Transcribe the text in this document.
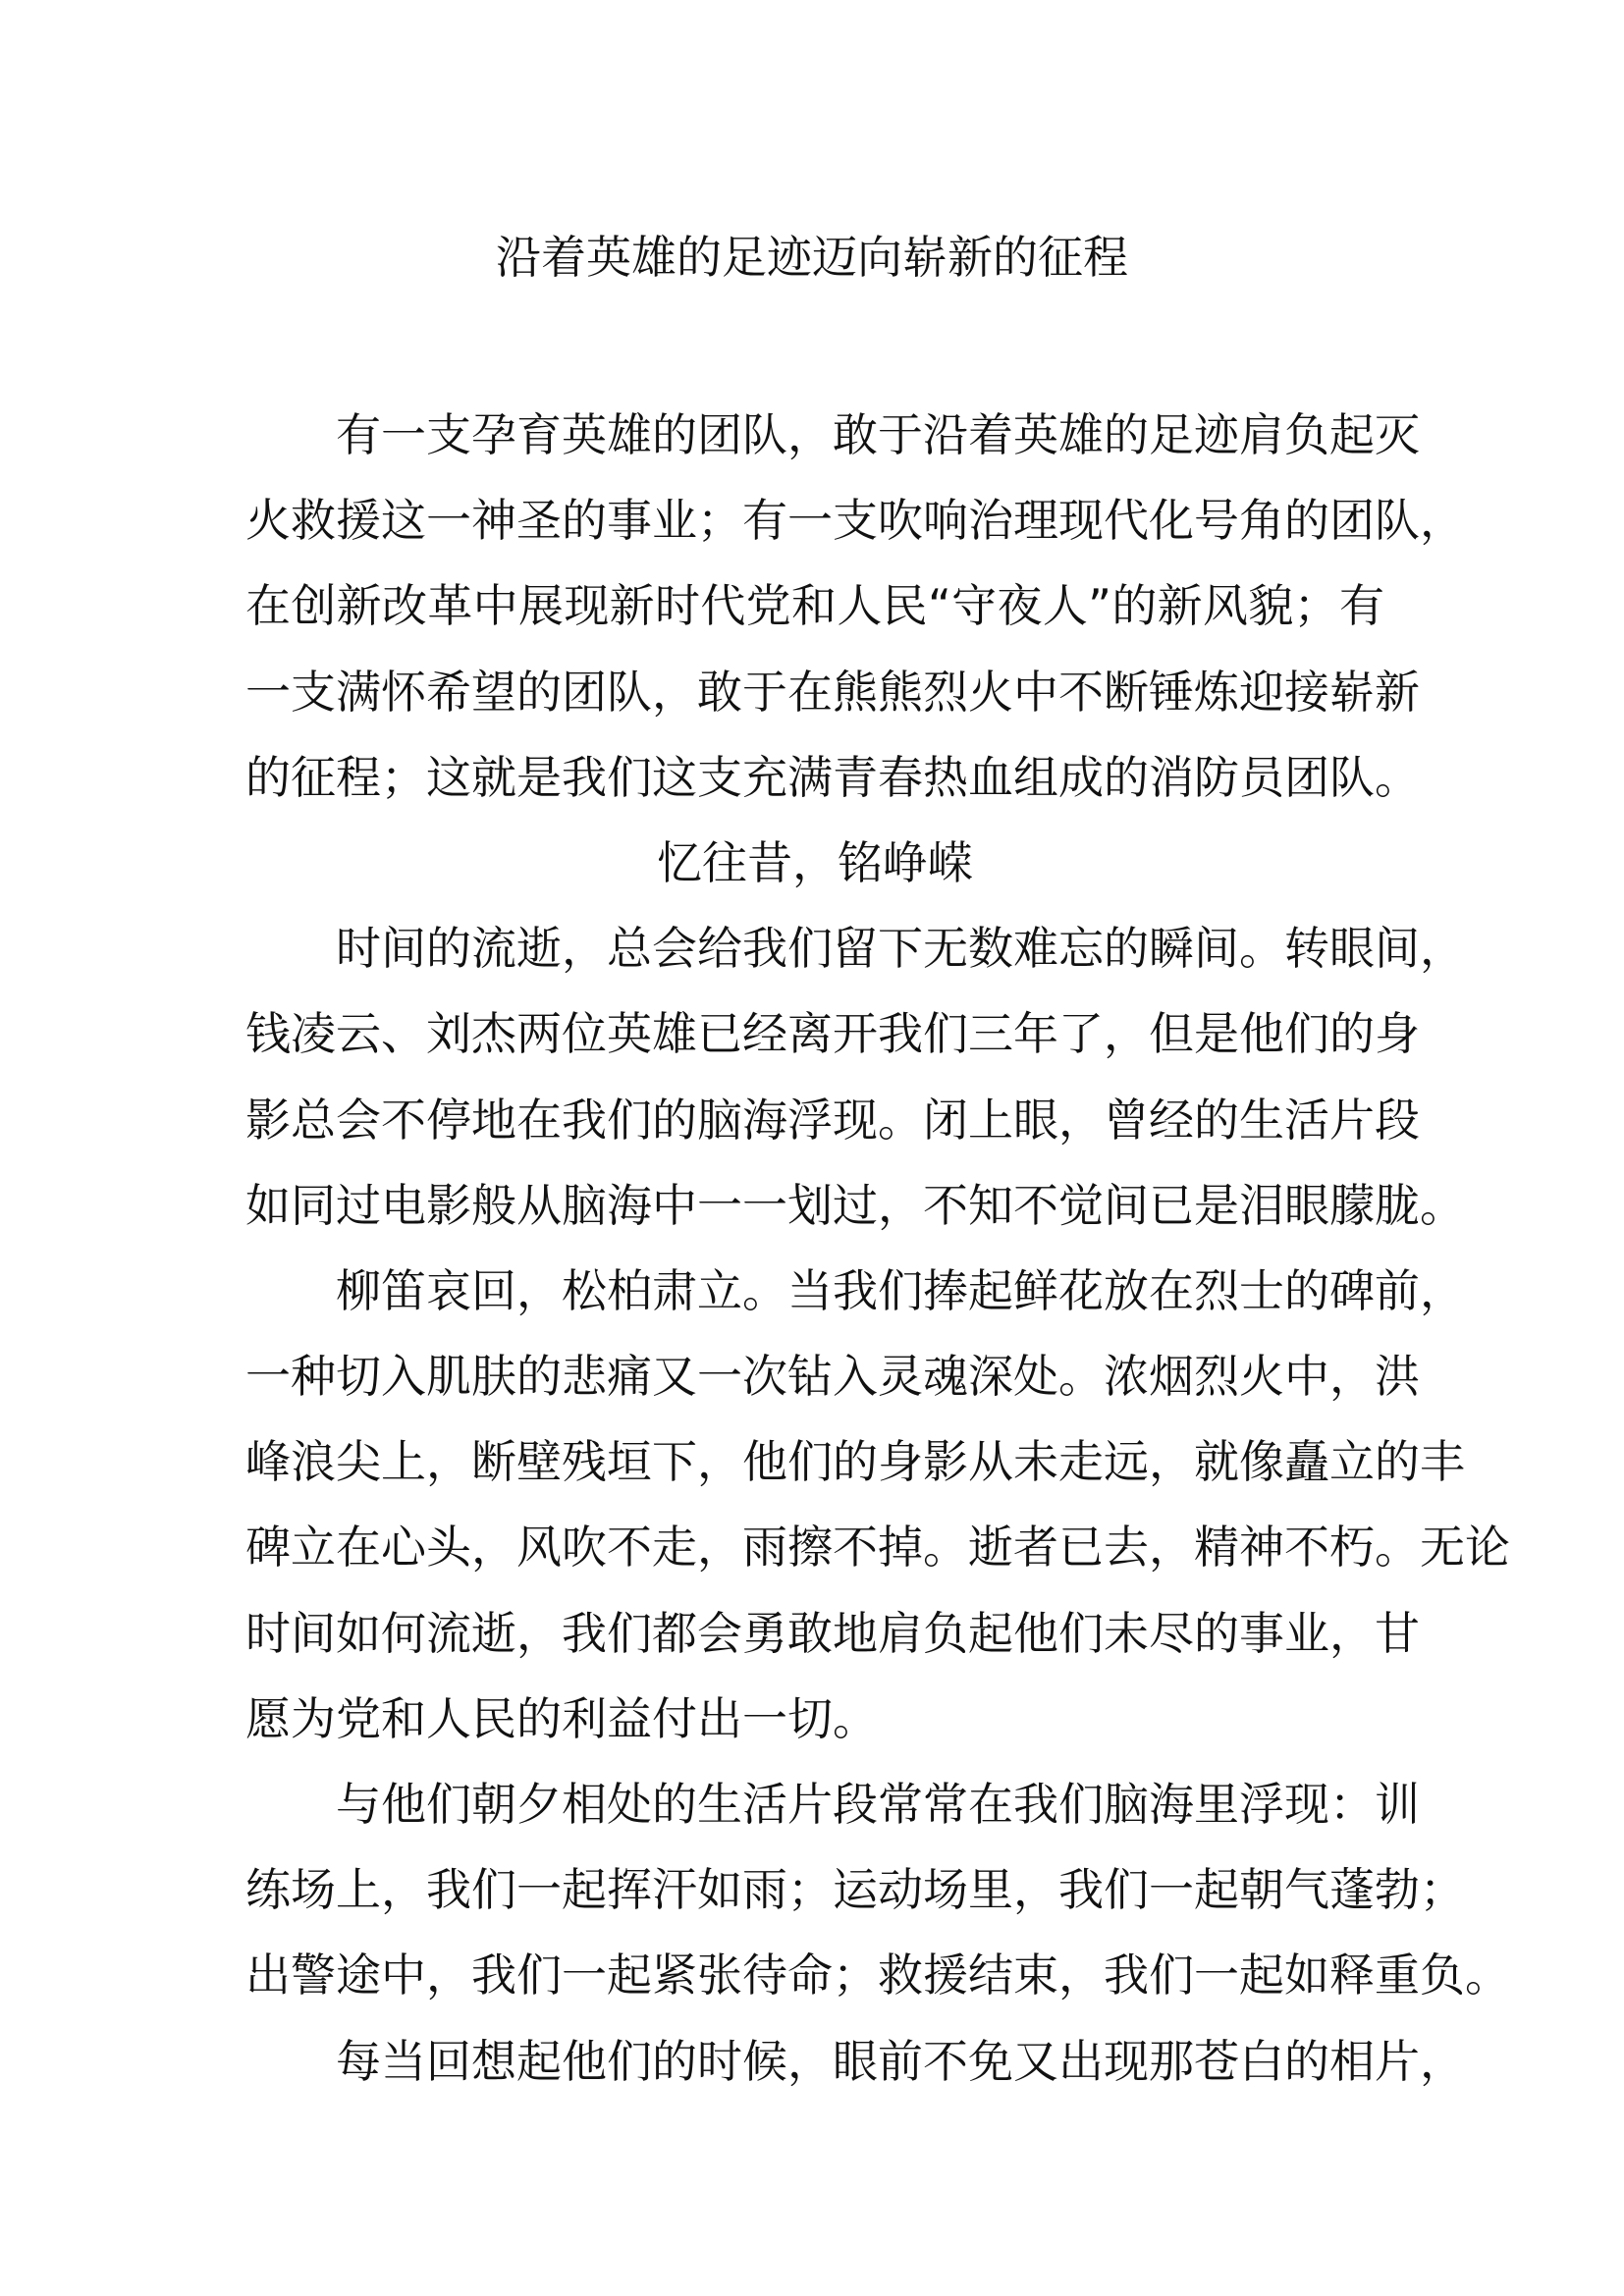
沿着英雄的足迹迈向崭新的征程
有一支孕育英雄的团队，敢于沿着英雄的足迹肩负起灭
火救援这一神圣的事业；有一支吹响治理现代化号角的团队，
在创新改革中展现新时代党和人民“守夜人”的新风貌；有
一支满怀希望的团队，敢于在熊熊烈火中不断锤炼迎接崭新
的征程；这就是我们这支充满青春热血组成的消防员团队。
忆往昔，铭峥嵘
时间的流逝，总会给我们留下无数难忘的瞬间。转眼间，
钱凌云、刘杰两位英雄已经离开我们三年了，但是他们的身
影总会不停地在我们的脑海浮现。闭上眼，曾经的生活片段
如同过电影般从脑海中一一划过，不知不觉间已是泪眼朦胧。
柳笛哀回，松柏肃立。当我们捧起鲜花放在烈士的碑前，
一种切入肌肤的悲痛又一次钻入灵魂深处。浓烟烈火中，洪
峰浪尖上，断壁残垣下，他们的身影从未走远，就像矗立的丰
碑立在心头，风吹不走，雨擦不掉。逝者已去，精神不朽。无论
时间如何流逝，我们都会勇敢地肩负起他们未尽的事业，甘
愿为党和人民的利益付出一切。
与他们朝夕相处的生活片段常常在我们脑海里浮现：训
练场上，我们一起挥汗如雨；运动场里，我们一起朝气蓬勃；
出警途中，我们一起紧张待命；救援结束，我们一起如释重负。
每当回想起他们的时候，眼前不免又出现那苍白的相片，
